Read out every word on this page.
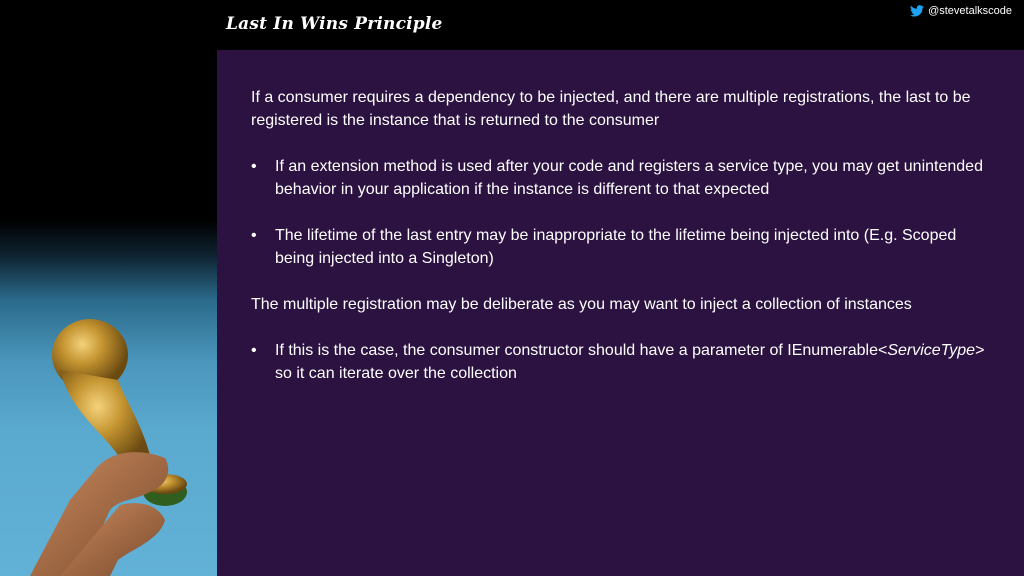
Last In Wins Principle
@stevetalkscode

If a consumer requires a dependency to be injected, and there are multiple registrations, the last to be registered is the instance that is returned to the consumer

• If an extension method is used after your code and registers a service type, you may get unintended behavior in your application if the instance is different to that expected
• The lifetime of the last entry may be inappropriate to the lifetime being injected into (E.g. Scoped being injected into a Singleton)

The multiple registration may be deliberate as you may want to inject a collection of instances

• If this is the case, the consumer constructor should have a parameter of IEnumerable<ServiceType> so it can iterate over the collection
